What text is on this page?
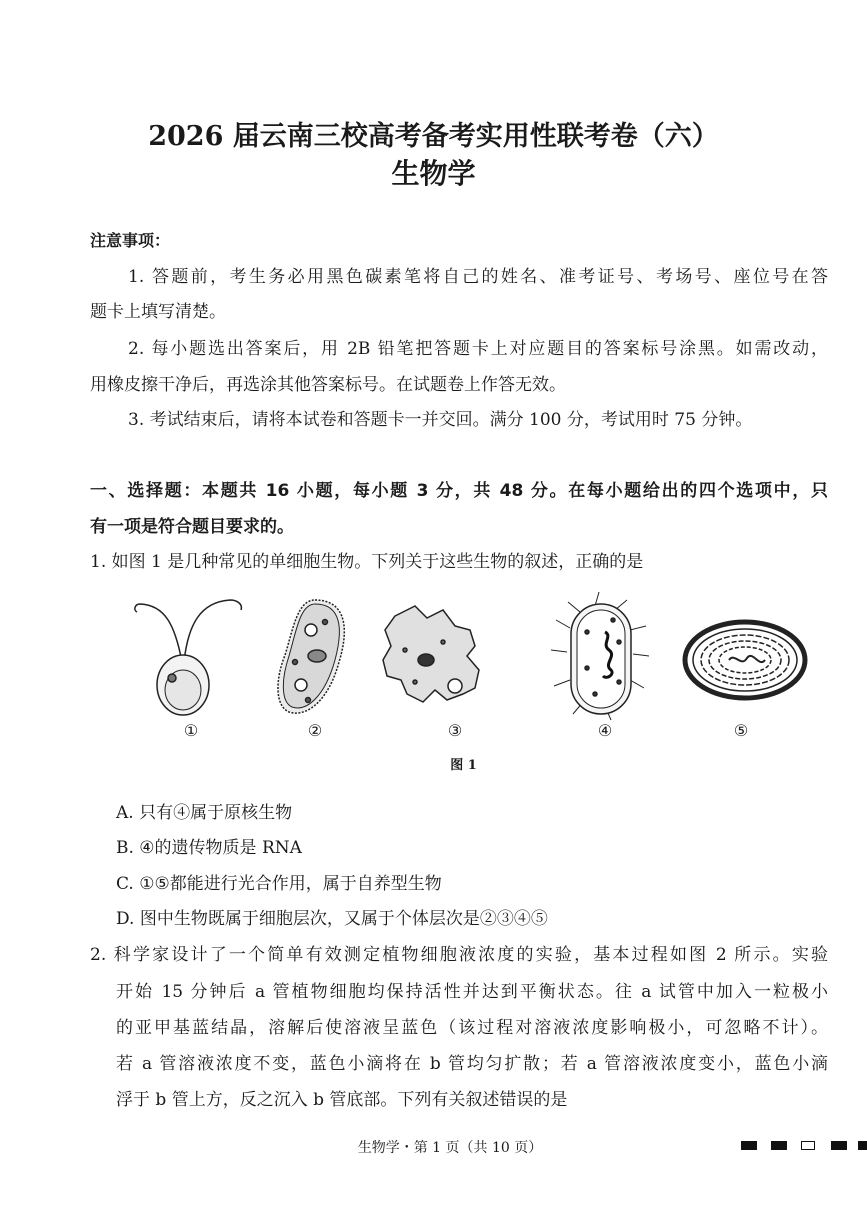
2026 届云南三校高考备考实用性联考卷（六）
生物学
注意事项：
1. 答题前，考生务必用黑色碳素笔将自己的姓名、准考证号、考场号、座位号在答
题卡上填写清楚。
2. 每小题选出答案后，用 2B 铅笔把答题卡上对应题目的答案标号涂黑。如需改动，
用橡皮擦干净后，再选涂其他答案标号。在试题卷上作答无效。
3. 考试结束后，请将本试卷和答题卡一并交回。满分 100 分，考试用时 75 分钟。
一、选择题：本题共 16 小题，每小题 3 分，共 48 分。在每小题给出的四个选项中，只
有一项是符合题目要求的。
1. 如图 1 是几种常见的单细胞生物。下列关于这些生物的叙述，正确的是
①	②	③	④	⑤
图 1
A. 只有④属于原核生物
B. ④的遗传物质是 RNA
C. ①⑤都能进行光合作用，属于自养型生物
D. 图中生物既属于细胞层次，又属于个体层次是②③④⑤
2. 科学家设计了一个简单有效测定植物细胞液浓度的实验，基本过程如图 2 所示。实验
开始 15 分钟后 a 管植物细胞均保持活性并达到平衡状态。往 a 试管中加入一粒极小
的亚甲基蓝结晶，溶解后使溶液呈蓝色（该过程对溶液浓度影响极小，可忽略不计）。
若 a 管溶液浓度不变，蓝色小滴将在 b 管均匀扩散；若 a 管溶液浓度变小，蓝色小滴
浮于 b 管上方，反之沉入 b 管底部。下列有关叙述错误的是
生物学・第 1 页（共 10 页）
